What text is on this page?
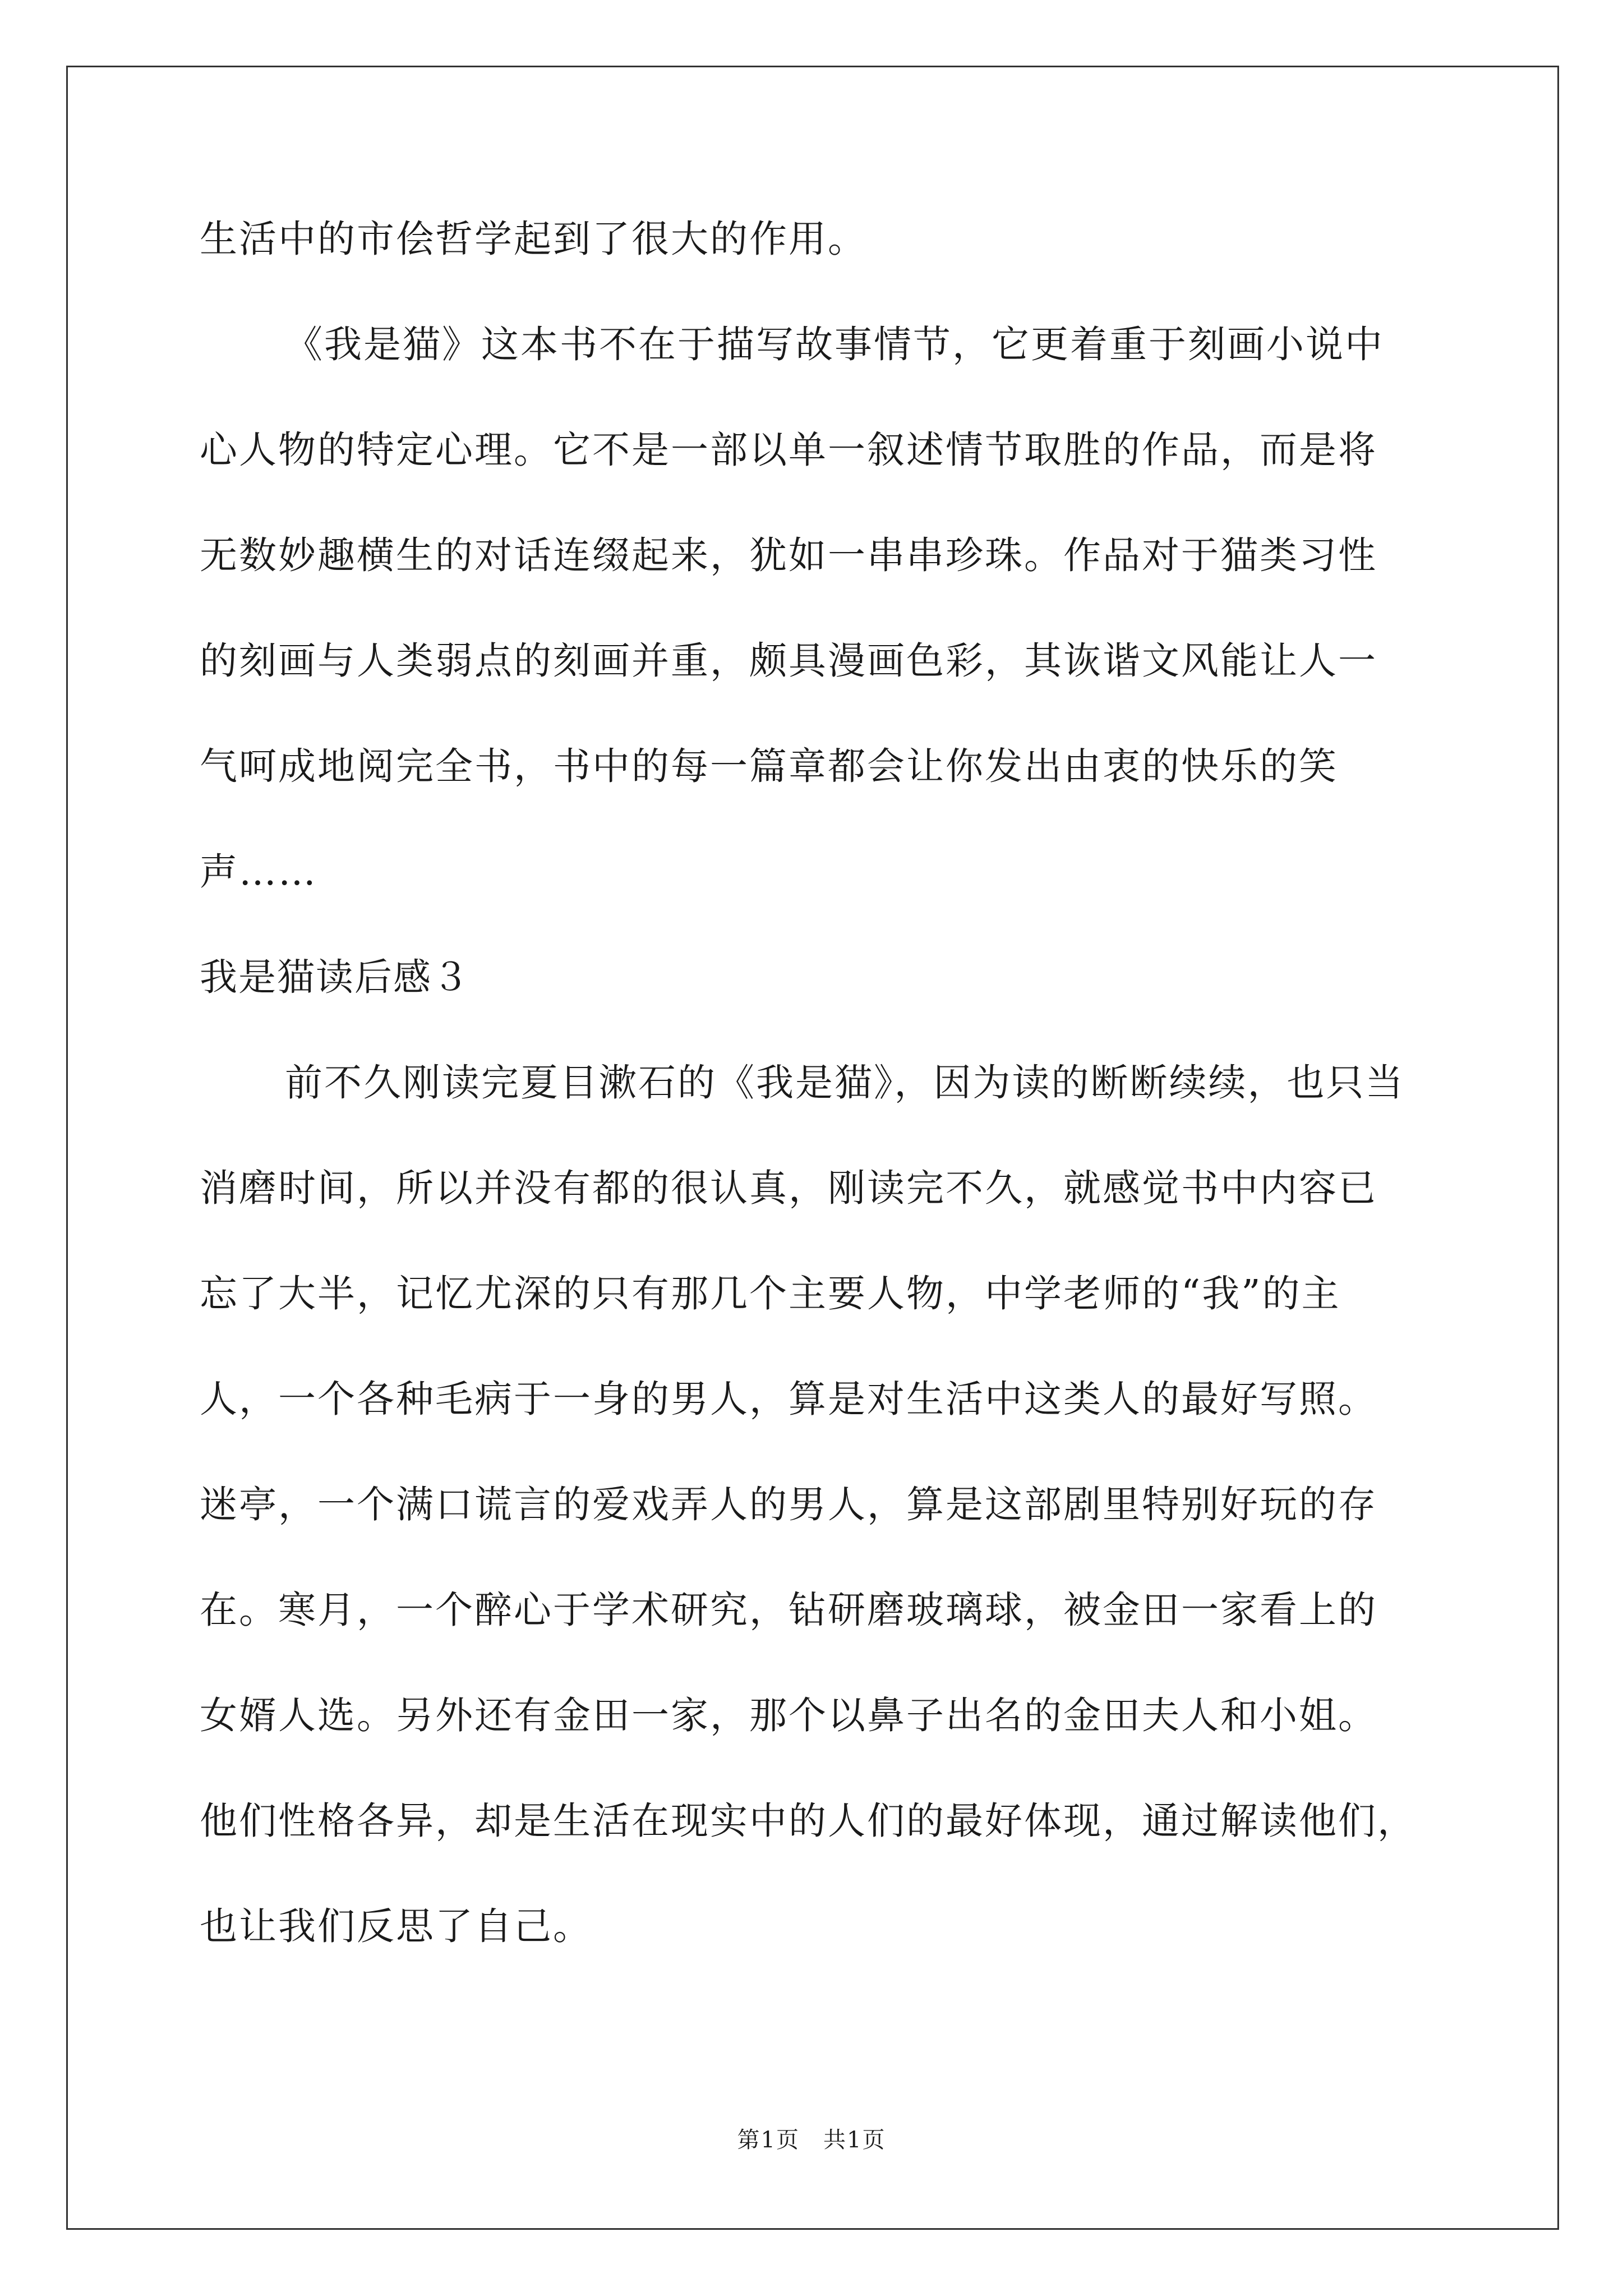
生活中的市侩哲学起到了很大的作用。
《我是猫》这本书不在于描写故事情节，它更着重于刻画小说中
心人物的特定心理。它不是一部以单一叙述情节取胜的作品，而是将
无数妙趣横生的对话连缀起来，犹如一串串珍珠。作品对于猫类习性
的刻画与人类弱点的刻画并重，颇具漫画色彩，其诙谐文风能让人一
气呵成地阅完全书，书中的每一篇章都会让你发出由衷的快乐的笑
声……
我是猫读后感３
前不久刚读完夏目漱石的《我是猫》，因为读的断断续续，也只当
消磨时间，所以并没有都的很认真，刚读完不久，就感觉书中内容已
忘了大半，记忆尤深的只有那几个主要人物，中学老师的“我”的主
人，一个各种毛病于一身的男人，算是对生活中这类人的最好写照。
迷亭，一个满口谎言的爱戏弄人的男人，算是这部剧里特别好玩的存
在。寒月，一个醉心于学术研究，钻研磨玻璃球，被金田一家看上的
女婿人选。另外还有金田一家，那个以鼻子出名的金田夫人和小姐。
他们性格各异，却是生活在现实中的人们的最好体现，通过解读他们，
也让我们反思了自己。
第1页　共1页
